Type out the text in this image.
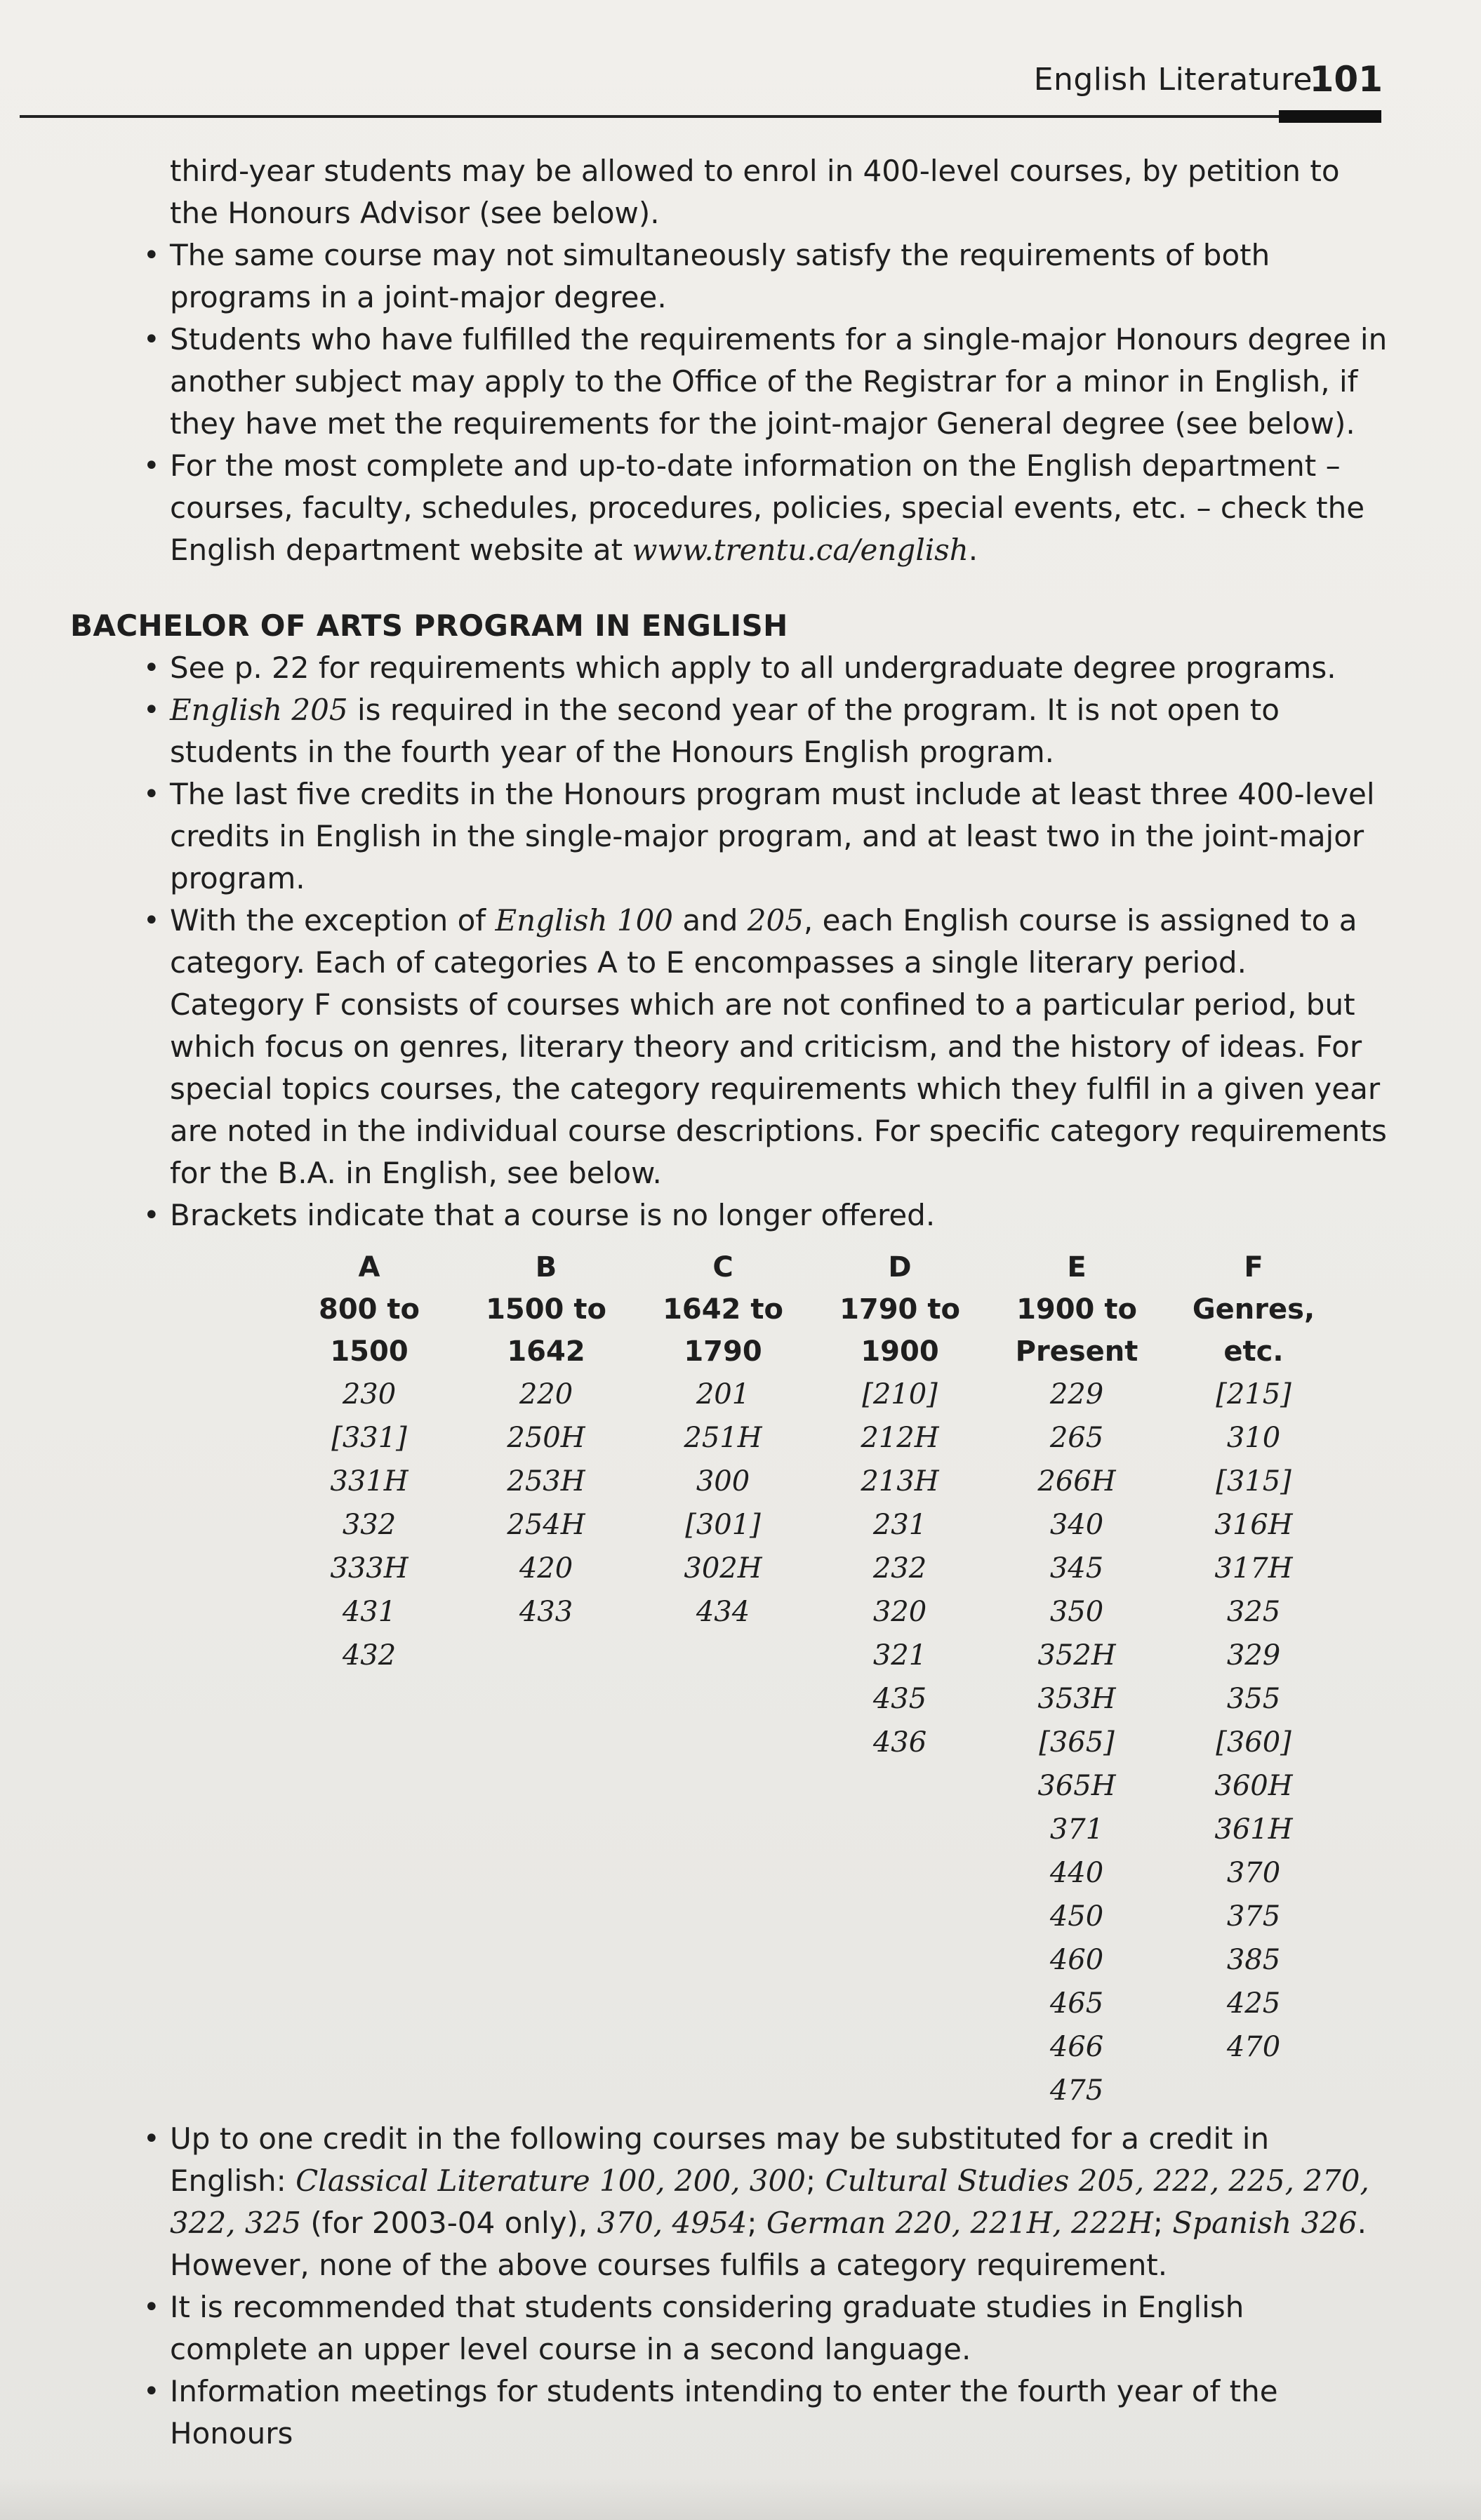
English Literature
101

third-year students may be allowed to enrol in 400-level courses, by petition to the Honours Advisor (see below).

• The same course may not simultaneously satisfy the requirements of both programs in a joint-major degree.
• Students who have fulfilled the requirements for a single-major Honours degree in another subject may apply to the Office of the Registrar for a minor in English, if they have met the requirements for the joint-major General degree (see below).
• For the most complete and up-to-date information on the English department – courses, faculty, schedules, procedures, policies, special events, etc. – check the English department website at www.trentu.ca/english.
BACHELOR OF ARTS PROGRAM IN ENGLISH
• See p. 22 for requirements which apply to all undergraduate degree programs.
• English 205 is required in the second year of the program. It is not open to students in the fourth year of the Honours English program.
• The last five credits in the Honours program must include at least three 400-level credits in English in the single-major program, and at least two in the joint-major program.
• With the exception of English 100 and 205, each English course is assigned to a category. Each of categories A to E encompasses a single literary period. Category F consists of courses which are not confined to a particular period, but which focus on genres, literary theory and criticism, and the history of ideas. For special topics courses, the category requirements which they fulfil in a given year are noted in the individual course descriptions. For specific category requirements for the B.A. in English, see below.
• Brackets indicate that a course is no longer offered.
A	B	C	D	E	F
800 to	1500 to	1642 to	1790 to	1900 to	Genres,
1500	1642	1790	1900	Present	etc.
230	220	201	[210]	229	[215]
[331]	250H	251H	212H	265	310
331H	253H	300	213H	266H	[315]
332	254H	[301]	231	340	316H
333H	420	302H	232	345	317H
431	433	434	320	350	325
432			321	352H	329
			435	353H	355
			436	[365]	[360]
				365H	360H
				371	361H
				440	370
				450	375
				460	385
				465	425
				466	470
				475	
• Up to one credit in the following courses may be substituted for a credit in English: Classical Literature 100, 200, 300; Cultural Studies 205, 222, 225, 270, 322, 325 (for 2003-04 only), 370, 4954; German 220, 221H, 222H; Spanish 326. However, none of the above courses fulfils a category requirement.
• It is recommended that students considering graduate studies in English complete an upper level course in a second language.
• Information meetings for students intending to enter the fourth year of the Honours
